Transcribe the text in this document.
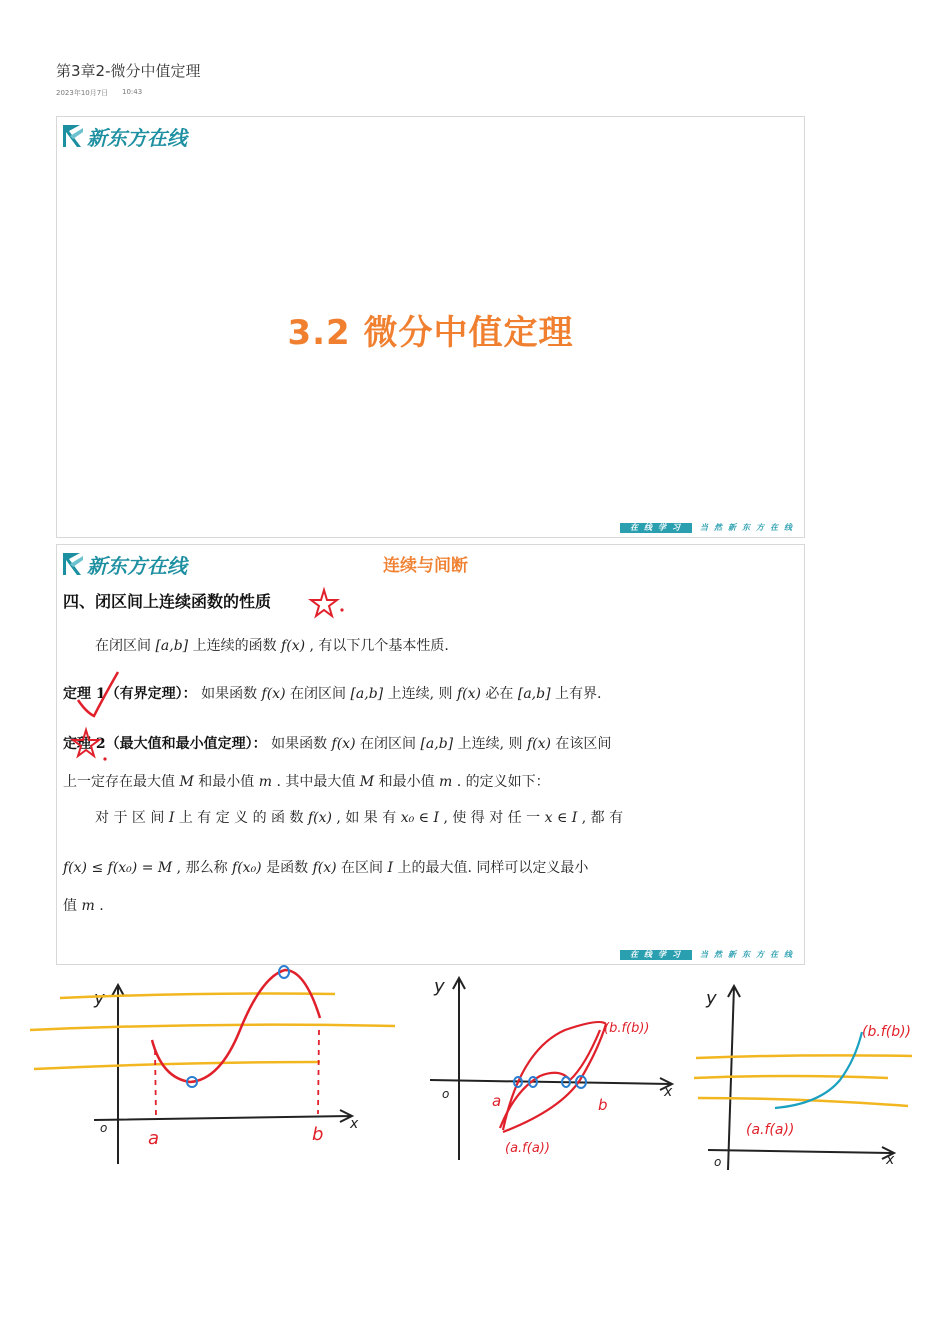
第3章2-微分中值定理
2023年10月7日 10:43
新东方在线
3.2 微分中值定理
在线学习	当然新东方在线
新东方在线	连续与间断
四、闭区间上连续函数的性质
在闭区间 [a,b] 上连续的函数 f(x) , 有以下几个基本性质.
定理 1（有界定理）： 如果函数 f(x) 在闭区间 [a,b] 上连续, 则 f(x) 必在 [a,b] 上有界.
定理 2（最大值和最小值定理）： 如果函数 f(x) 在闭区间 [a,b] 上连续, 则 f(x) 在该区间
上一定存在最大值 M 和最小值 m . 其中最大值 M 和最小值 m . 的定义如下：
对 于 区 间 I 上 有 定 义 的 函 数 f(x) , 如 果 有 x₀ ∈ I , 使 得 对 任 一 x ∈ I , 都 有
f(x) ≤ f(x₀) = M , 那么称 f(x₀) 是函数 f(x) 在区间 I 上的最大值. 同样可以定义最小
值 m .
在线学习	当然新东方在线
y
x
o a	b
y
x
o	a	b
(b.f(b))
(a.f(a))
y
x
o
(b.f(b))
(a.f(a))
